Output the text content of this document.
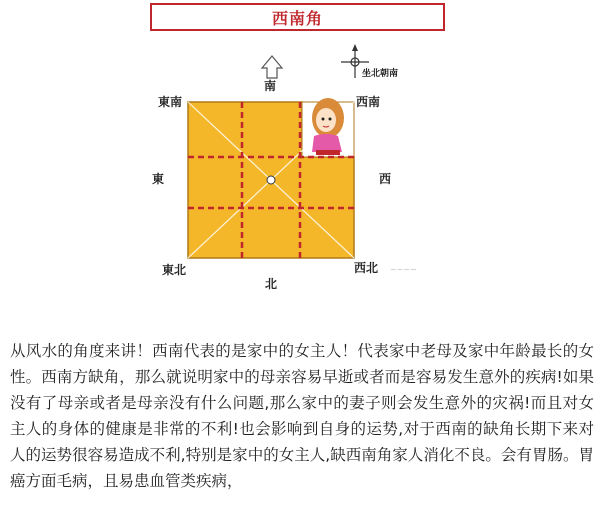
西南角
坐北朝南
南
東南	西南
東	西
東北	西北
北
~~~~

从风水的角度来讲！西南代表的是家中的女主人！代表家中老母及家中年龄最长的女性。西南方缺角，那么就说明家中的母亲容易早逝或者而是容易发生意外的疾病!如果没有了母亲或者是母亲没有什么问题,那么家中的妻子则会发生意外的灾祸!而且对女主人的身体的健康是非常的不利!也会影响到自身的运势,对于西南的缺角长期下来对人的运势很容易造成不利,特别是家中的女主人,缺西南角家人消化不良。会有胃肠。胃癌方面毛病，且易患血管类疾病，
